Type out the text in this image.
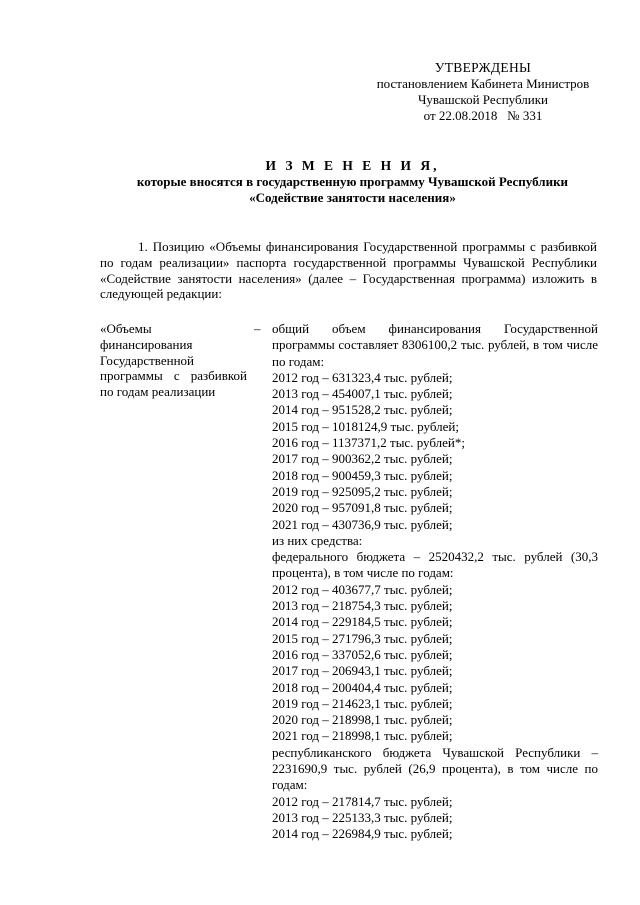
УТВЕРЖДЕНЫ
постановлением Кабинета Министров
Чувашской Республики
от 22.08.2018   № 331
И З М Е Н Е Н И Я,
которые вносятся в государственную программу Чувашской Республики
«Содействие занятости населения»
1. Позицию «Объемы финансирования Государственной программы с разбивкой по годам реализации» паспорта государственной программы Чувашской Республики «Содействие занятости населения» (далее – Государственная программа) изложить в следующей редакции:
«Объемы финансирования Государственной программы с разбивкой по годам реализации
– общий объем финансирования Государственной программы составляет 8306100,2 тыс. рублей, в том числе по годам:
2012 год – 631323,4 тыс. рублей;
2013 год – 454007,1 тыс. рублей;
2014 год – 951528,2 тыс. рублей;
2015 год – 1018124,9 тыс. рублей;
2016 год – 1137371,2 тыс. рублей*;
2017 год – 900362,2 тыс. рублей;
2018 год – 900459,3 тыс. рублей;
2019 год – 925095,2 тыс. рублей;
2020 год – 957091,8 тыс. рублей;
2021 год – 430736,9 тыс. рублей;
из них средства:
федерального бюджета – 2520432,2 тыс. рублей (30,3 процента), в том числе по годам:
2012 год – 403677,7 тыс. рублей;
2013 год – 218754,3 тыс. рублей;
2014 год – 229184,5 тыс. рублей;
2015 год – 271796,3 тыс. рублей;
2016 год – 337052,6 тыс. рублей;
2017 год – 206943,1 тыс. рублей;
2018 год – 200404,4 тыс. рублей;
2019 год – 214623,1 тыс. рублей;
2020 год – 218998,1 тыс. рублей;
2021 год – 218998,1 тыс. рублей;
республиканского бюджета Чувашской Республики – 2231690,9 тыс. рублей (26,9 процента), в том числе по годам:
2012 год – 217814,7 тыс. рублей;
2013 год – 225133,3 тыс. рублей;
2014 год – 226984,9 тыс. рублей;
